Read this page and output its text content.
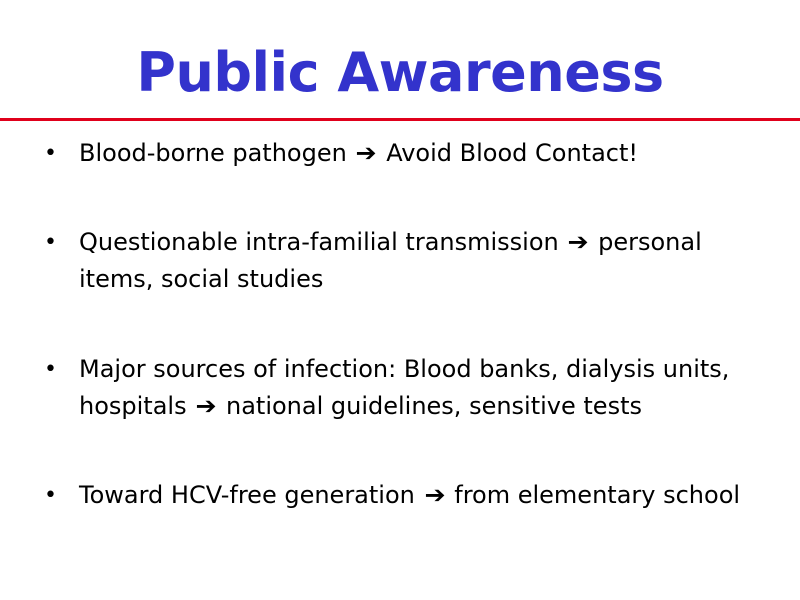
Public Awareness
• Blood-borne pathogen ➔ Avoid Blood Contact!
• Questionable intra-familial transmission ➔ personal items, social studies
• Major sources of infection: Blood banks, dialysis units, hospitals ➔ national guidelines, sensitive tests
• Toward HCV-free generation ➔ from elementary school
